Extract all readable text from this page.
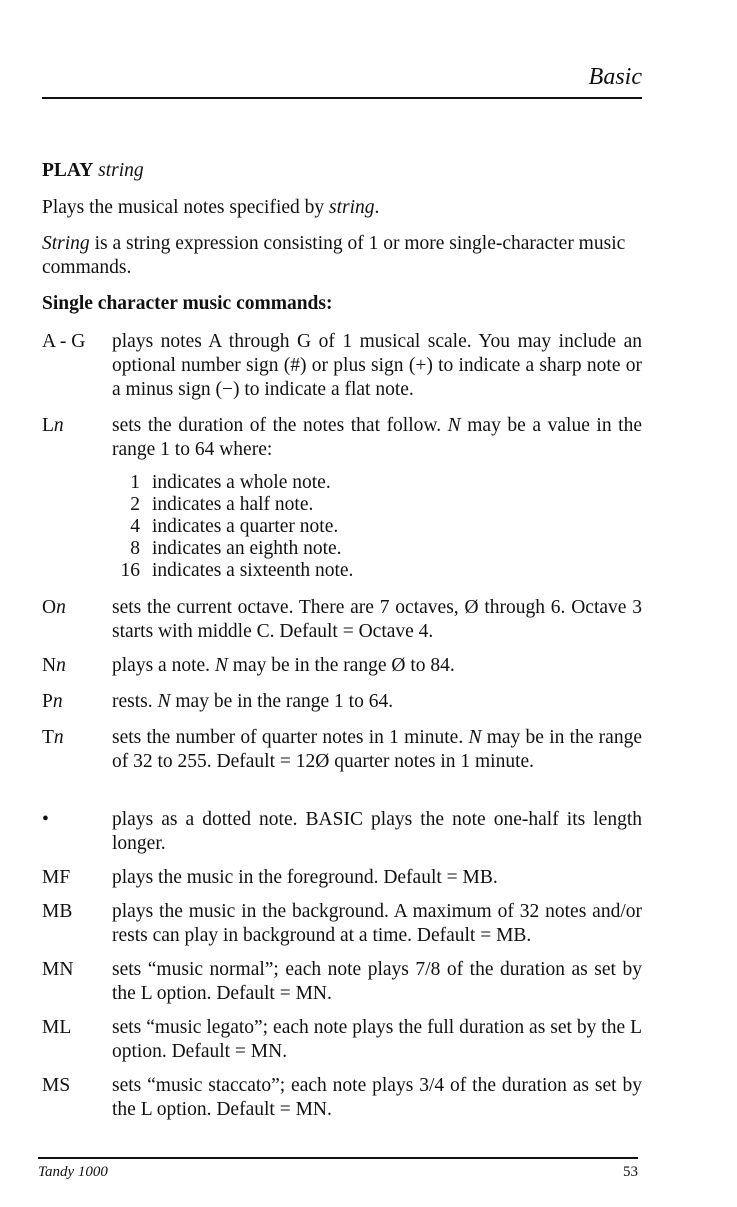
Basic
PLAY string
Plays the musical notes specified by string.
String is a string expression consisting of 1 or more single-character music commands.
Single character music commands:
A - G	plays notes A through G of 1 musical scale. You may include an optional number sign (#) or plus sign (+) to indicate a sharp note or a minus sign (−) to indicate a flat note.
Ln	sets the duration of the notes that follow. N may be a value in the range 1 to 64 where:
1 indicates a whole note.
2 indicates a half note.
4 indicates a quarter note.
8 indicates an eighth note.
16 indicates a sixteenth note.
On	sets the current octave. There are 7 octaves, Ø through 6. Octave 3 starts with middle C. Default = Octave 4.
Nn	plays a note. N may be in the range Ø to 84.
Pn	rests. N may be in the range 1 to 64.
Tn	sets the number of quarter notes in 1 minute. N may be in the range of 32 to 255. Default = 12Ø quarter notes in 1 minute.
•	plays as a dotted note. BASIC plays the note one-half its length longer.
MF	plays the music in the foreground. Default = MB.
MB	plays the music in the background. A maximum of 32 notes and/or rests can play in background at a time. Default = MB.
MN	sets “music normal”; each note plays 7/8 of the duration as set by the L option. Default = MN.
ML	sets “music legato”; each note plays the full duration as set by the L option. Default = MN.
MS	sets “music staccato”; each note plays 3/4 of the duration as set by the L option. Default = MN.
Tandy 1000	53
